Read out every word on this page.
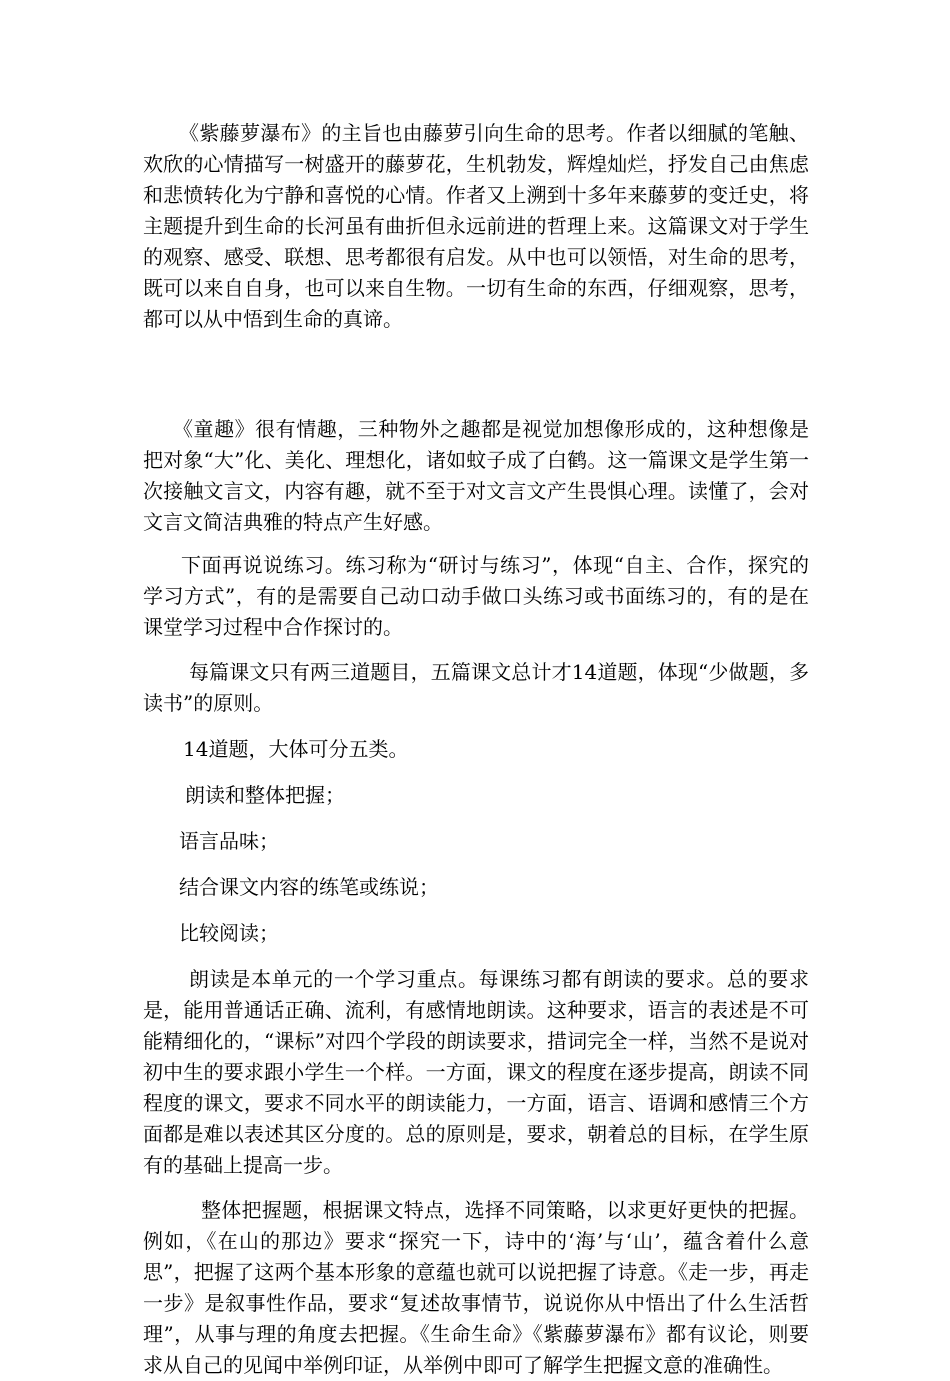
《紫藤萝瀑布》的主旨也由藤萝引向生命的思考。作者以细腻的笔触、欢欣的心情描写一树盛开的藤萝花，生机勃发，辉煌灿烂，抒发自己由焦虑和悲愤转化为宁静和喜悦的心情。作者又上溯到十多年来藤萝的变迁史，将主题提升到生命的长河虽有曲折但永远前进的哲理上来。这篇课文对于学生的观察、感受、联想、思考都很有启发。从中也可以领悟，对生命的思考，既可以来自自身，也可以来自生物。一切有生命的东西，仔细观察，思考，都可以从中悟到生命的真谛。

《童趣》很有情趣，三种物外之趣都是视觉加想像形成的，这种想像是把对象“大”化、美化、理想化，诸如蚊子成了白鹤。这一篇课文是学生第一次接触文言文，内容有趣，就不至于对文言文产生畏惧心理。读懂了，会对文言文简洁典雅的特点产生好感。

下面再说说练习。练习称为“研讨与练习”，体现“自主、合作，探究的学习方式”，有的是需要自己动口动手做口头练习或书面练习的，有的是在课堂学习过程中合作探讨的。

每篇课文只有两三道题目，五篇课文总计才14道题，体现“少做题，多读书”的原则。

14道题，大体可分五类。

朗读和整体把握；

语言品味；

结合课文内容的练笔或练说；

比较阅读；

朗读是本单元的一个学习重点。每课练习都有朗读的要求。总的要求是，能用普通话正确、流利，有感情地朗读。这种要求，语言的表述是不可能精细化的，“课标”对四个学段的朗读要求，措词完全一样，当然不是说对初中生的要求跟小学生一个样。一方面，课文的程度在逐步提高，朗读不同程度的课文，要求不同水平的朗读能力，一方面，语言、语调和感情三个方面都是难以表述其区分度的。总的原则是，要求，朝着总的目标，在学生原有的基础上提高一步。

整体把握题，根据课文特点，选择不同策略，以求更好更快的把握。例如，《在山的那边》要求“探究一下，诗中的‘海’与‘山’，蕴含着什么意思”，把握了这两个基本形象的意蕴也就可以说把握了诗意。《走一步，再走一步》是叙事性作品，要求“复述故事情节，说说你从中悟出了什么生活哲理”，从事与理的角度去把握。《生命生命》《紫藤萝瀑布》都有议论，则要求从自己的见闻中举例印证，从举例中即可了解学生把握文意的准确性。
